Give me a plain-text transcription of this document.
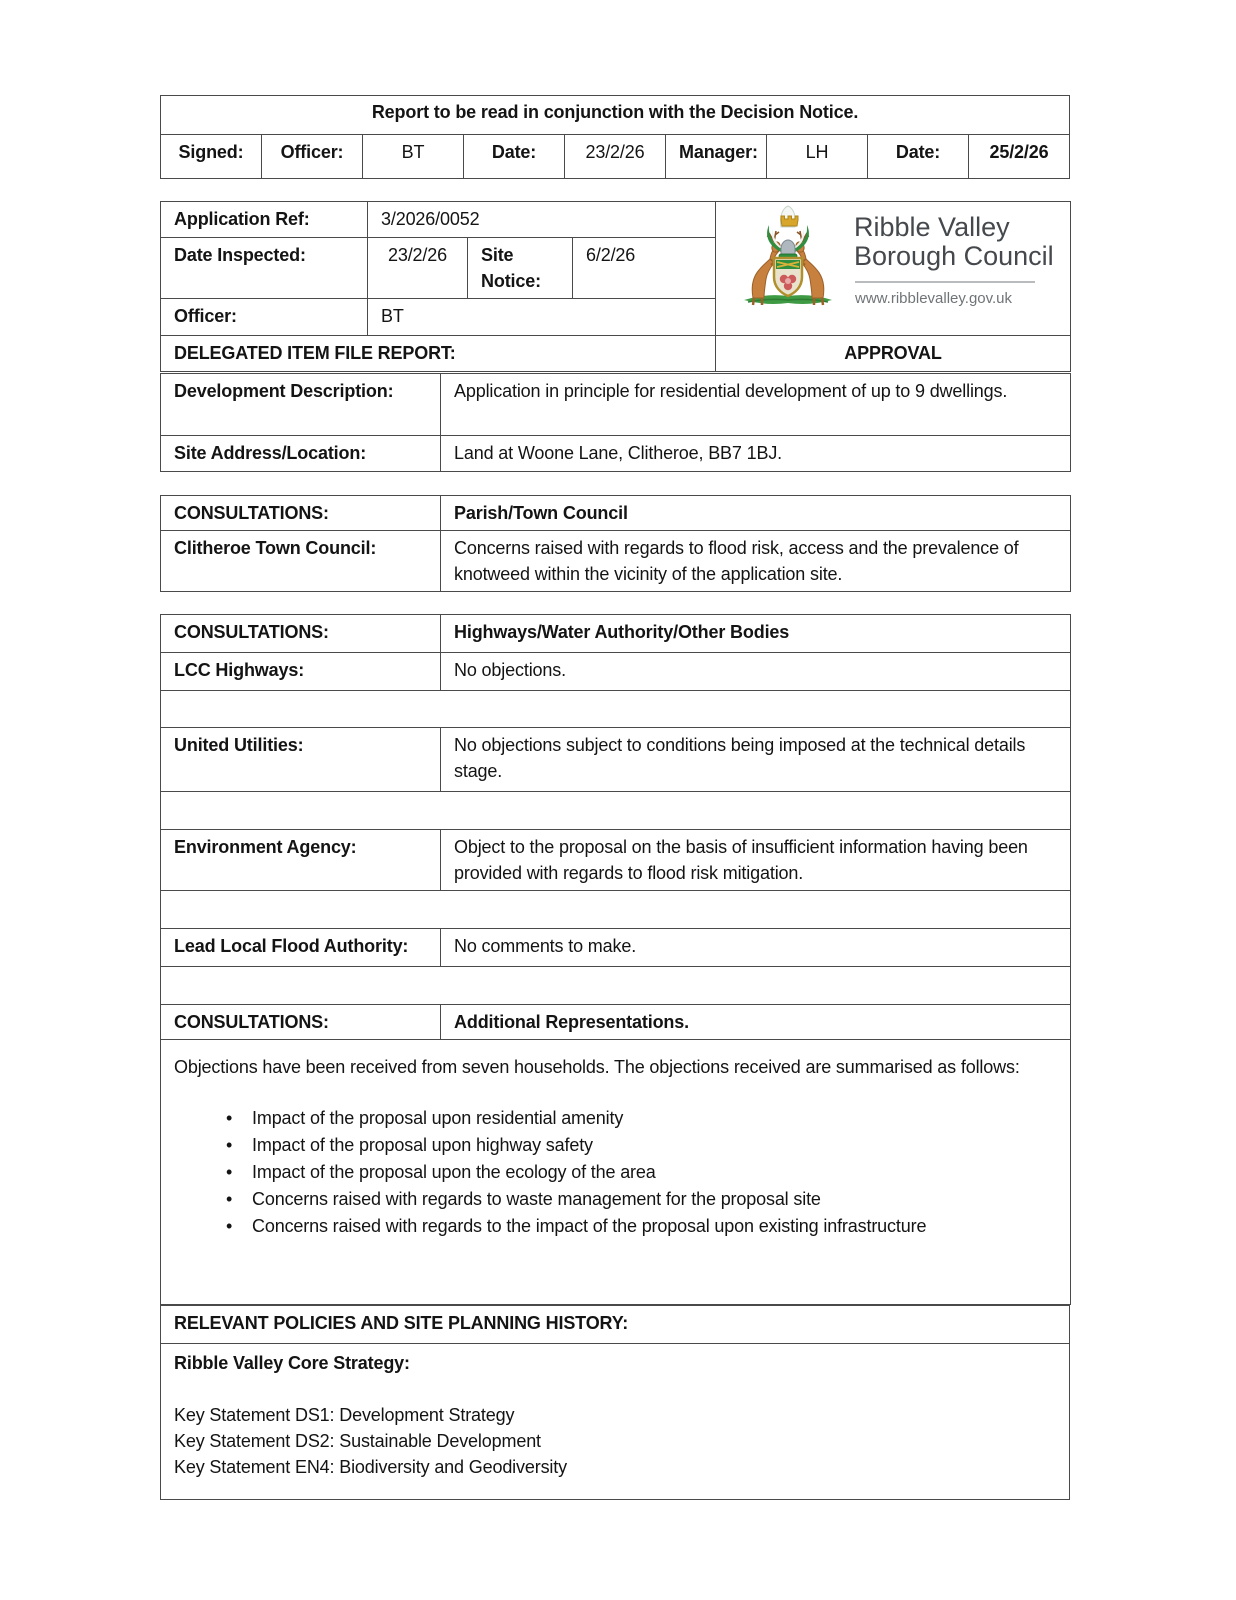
Report to be read in conjunction with the Decision Notice.
Signed:	Officer:	BT	Date:	23/2/26	Manager:	LH	Date:	25/2/26
Application Ref:	3/2026/0052			Ribble Valley
Borough Council
www.ribblevalley.gov.uk

Date Inspected:	23/2/26	Site Notice:	6/2/26	
Officer:	BT			
DELEGATED ITEM FILE REPORT:				APPROVAL
Development Description:	Application in principle for residential development of up to 9 dwellings.
Site Address/Location:	Land at Woone Lane, Clitheroe, BB7 1BJ.
CONSULTATIONS:	Parish/Town Council
Clitheroe Town Council:	Concerns raised with regards to flood risk, access and the prevalence of knotweed within the vicinity of the application site.
CONSULTATIONS:	Highways/Water Authority/Other Bodies
LCC Highways:	No objections.

United Utilities:	No objections subject to conditions being imposed at the technical details stage.

Environment Agency:	Object to the proposal on the basis of insufficient information having been provided with regards to flood risk mitigation.

Lead Local Flood Authority:	No comments to make.

CONSULTATIONS:	Additional Representations.

Objections have been received from seven households. The objections received are summarised as follows:

• Impact of the proposal upon residential amenity
• Impact of the proposal upon highway safety
• Impact of the proposal upon the ecology of the area
• Concerns raised with regards to waste management for the proposal site
• Concerns raised with regards to the impact of the proposal upon existing infrastructure
RELEVANT POLICIES AND SITE PLANNING HISTORY:

Ribble Valley Core Strategy:
Key Statement DS1: Development Strategy
Key Statement DS2: Sustainable Development
Key Statement EN4: Biodiversity and Geodiversity
